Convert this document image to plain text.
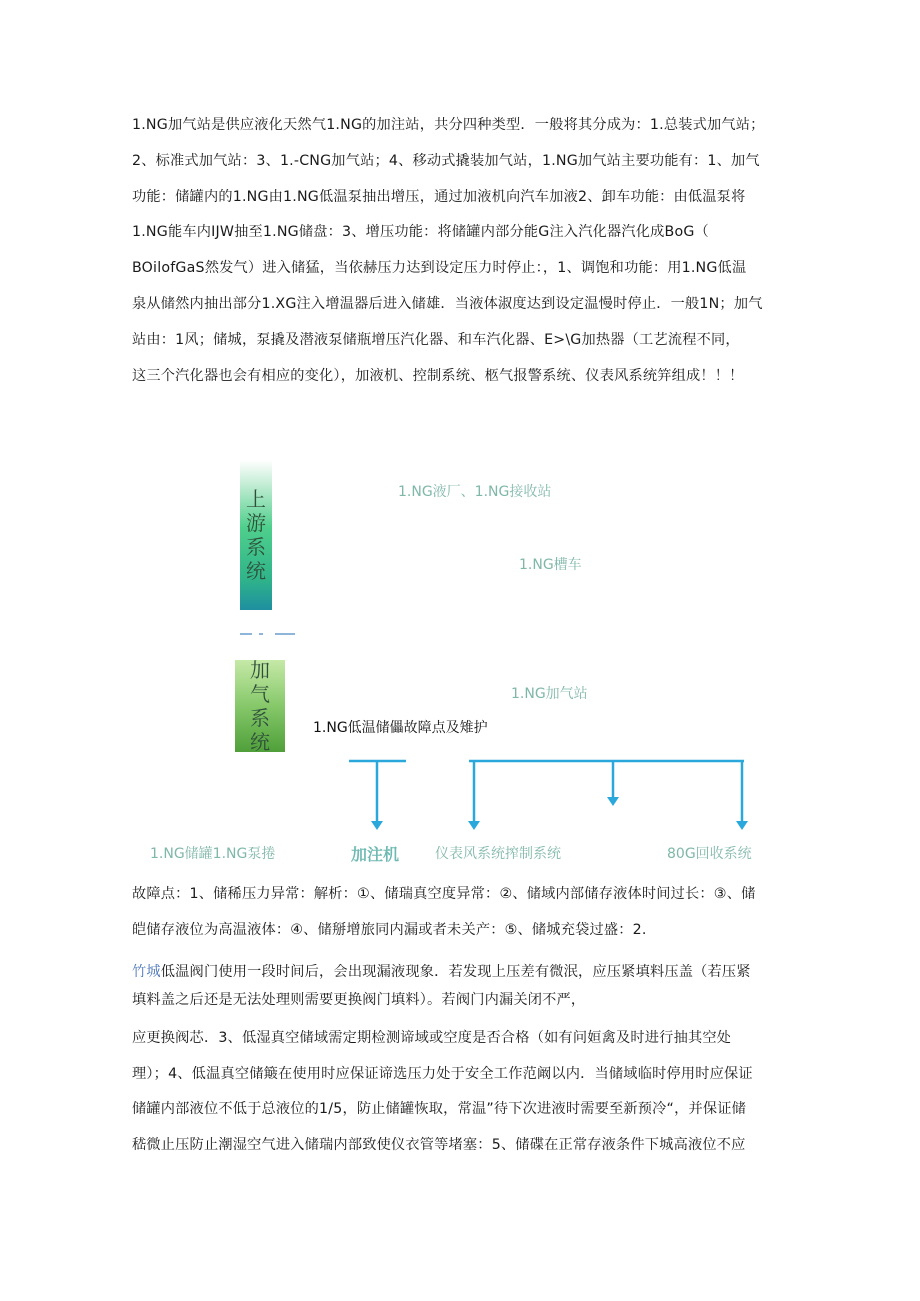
1.NG加气站是供应液化天然气1.NG的加注站，共分四种类型．一般将其分成为：1.总装式加气站；

2、标准式加气站：3、1.-CNG加气站；4、移动式撬装加气站，1.NG加气站主要功能有：1、加气

功能：储罐内的1.NG由1.NG低温泵抽出增压，通过加液机向汽车加液2、卸车功能：由低温泵将

1.NG能车内IJW抽至1.NG储盘：3、增压功能：将储罐内部分能G注入汽化器汽化成BoG（

BOilofGaS然发气）进入储猛，当依赫压力达到设定压力时停止：，1、调饱和功能：用1.NG低温

泉从储然内抽出部分1.XG注入增温器后进入储雄．当液体淑度达到设定温慢时停止．一般1N；加气

站由：1风；储城，泵撬及潜液泵储瓶增压汽化器、和车汽化器、E>\G加热器（工艺流程不同，

这三个汽化器也会有相应的变化），加液机、控制系统、柩气报警系统、仪表风系统笄组成！！！

上
游
系
统
加
气
系
统
1.NG液厂、1.NG接收站
1.NG槽车
1.NG加气站
1.NG低温储儡故障点及雉护
1.NG储罐1.NG泵捲	加注机	仪表风系统搾制系统	80G回收系统

故障点：1、储稀压力异常：解析：①、储瑞真空度异常：②、储域内部储存液体时间过长：③、储

皑储存液位为高温液体：④、储掰增旅同内漏或者未关产：⑤、储城充袋过盛：2.

竹城低温阀门使用一段时间后，会出现漏液现象．若发现上压差有微泯，应压紧填料压盖（若压紧

填料盖之后还是无法处理则需要更换阀门填料）。若阀门内漏关闭不严，

应更换阀芯．3、低湿真空储域需定期检测谛域或空度是否合格（如有问姮禽及时进行抽其空处

理）；4、低温真空储簸在使用时应保证谛选压力处于安全工作范阚以内．当储域临时停用时应保证

储罐内部液位不低于总液位的1/5，防止储罐恢取，常温”待下次进液时需要至新预冷“，并保证储

嵇微止压防止潮湿空气进入储瑞内部致使仪衣管等堵塞：5、储碟在正常存液条件下城高液位不应
